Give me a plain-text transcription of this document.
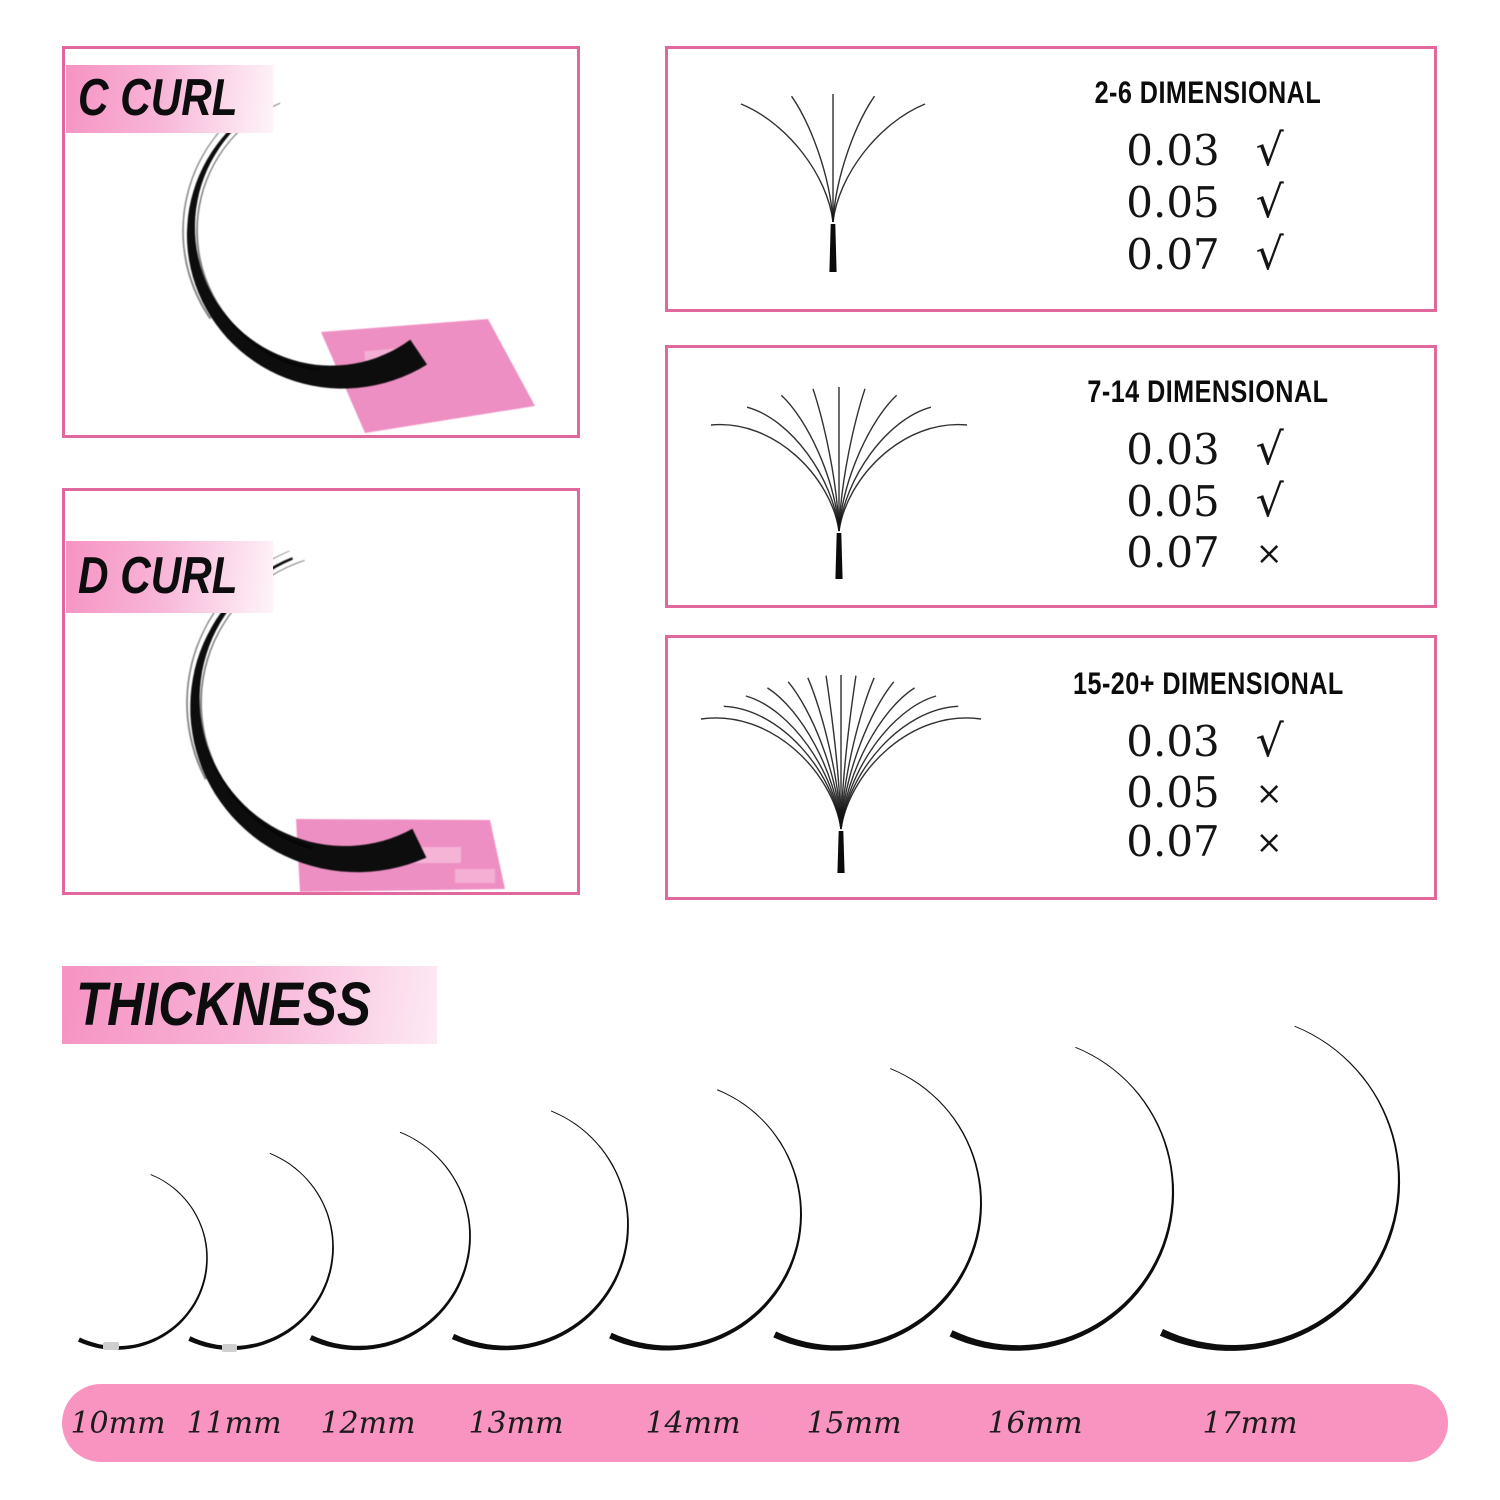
C CURL
D CURL
2-6 DIMENSIONAL
0.03 √
0.05 √
0.07 √
7-14 DIMENSIONAL
0.03 √
0.05 √
0.07 ×
15-20+ DIMENSIONAL
0.03 √
0.05 ×
0.07 ×
THICKNESS
10mm 11mm 12mm 13mm	14mm 15mm	16mm	17mm
